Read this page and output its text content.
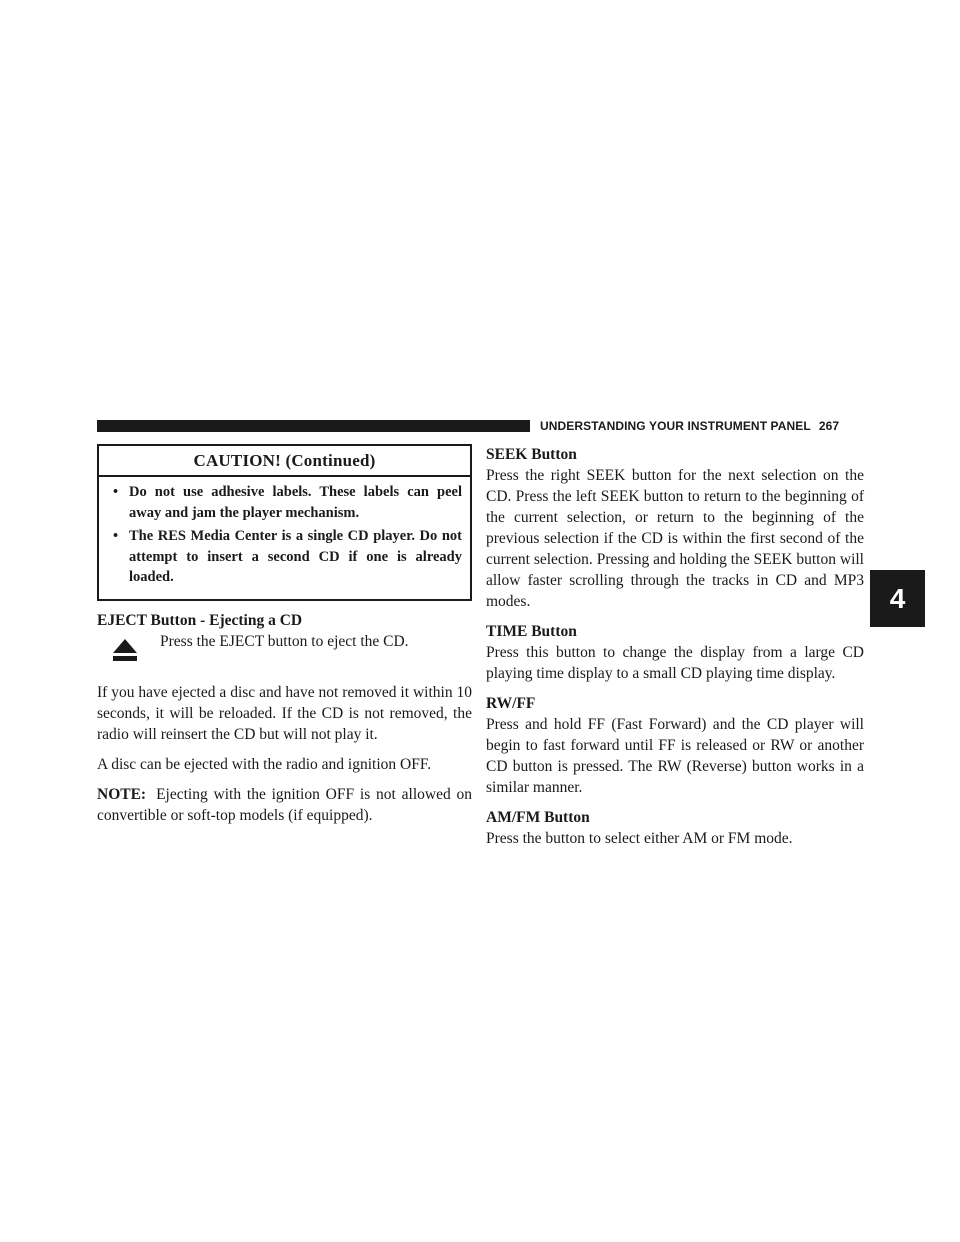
UNDERSTANDING YOUR INSTRUMENT PANEL 267
CAUTION! (Continued)
• Do not use adhesive labels. These labels can peel away and jam the player mechanism.
• The RES Media Center is a single CD player. Do not attempt to insert a second CD if one is already loaded.

EJECT Button - Ejecting a CD

Press the EJECT button to eject the CD.

If you have ejected a disc and have not removed it within 10 seconds, it will be reloaded. If the CD is not removed, the radio will reinsert the CD but will not play it.

A disc can be ejected with the radio and ignition OFF.

NOTE: Ejecting with the ignition OFF is not allowed on convertible or soft-top models (if equipped).

SEEK Button

Press the right SEEK button for the next selection on the CD. Press the left SEEK button to return to the beginning of the current selection, or return to the beginning of the previous selection if the CD is within the first second of the current selection. Pressing and holding the SEEK button will allow faster scrolling through the tracks in CD and MP3 modes.

TIME Button

Press this button to change the display from a large CD playing time display to a small CD playing time display.

RW/FF

Press and hold FF (Fast Forward) and the CD player will begin to fast forward until FF is released or RW or another CD button is pressed. The RW (Reverse) button works in a similar manner.

AM/FM Button

Press the button to select either AM or FM mode.

4
